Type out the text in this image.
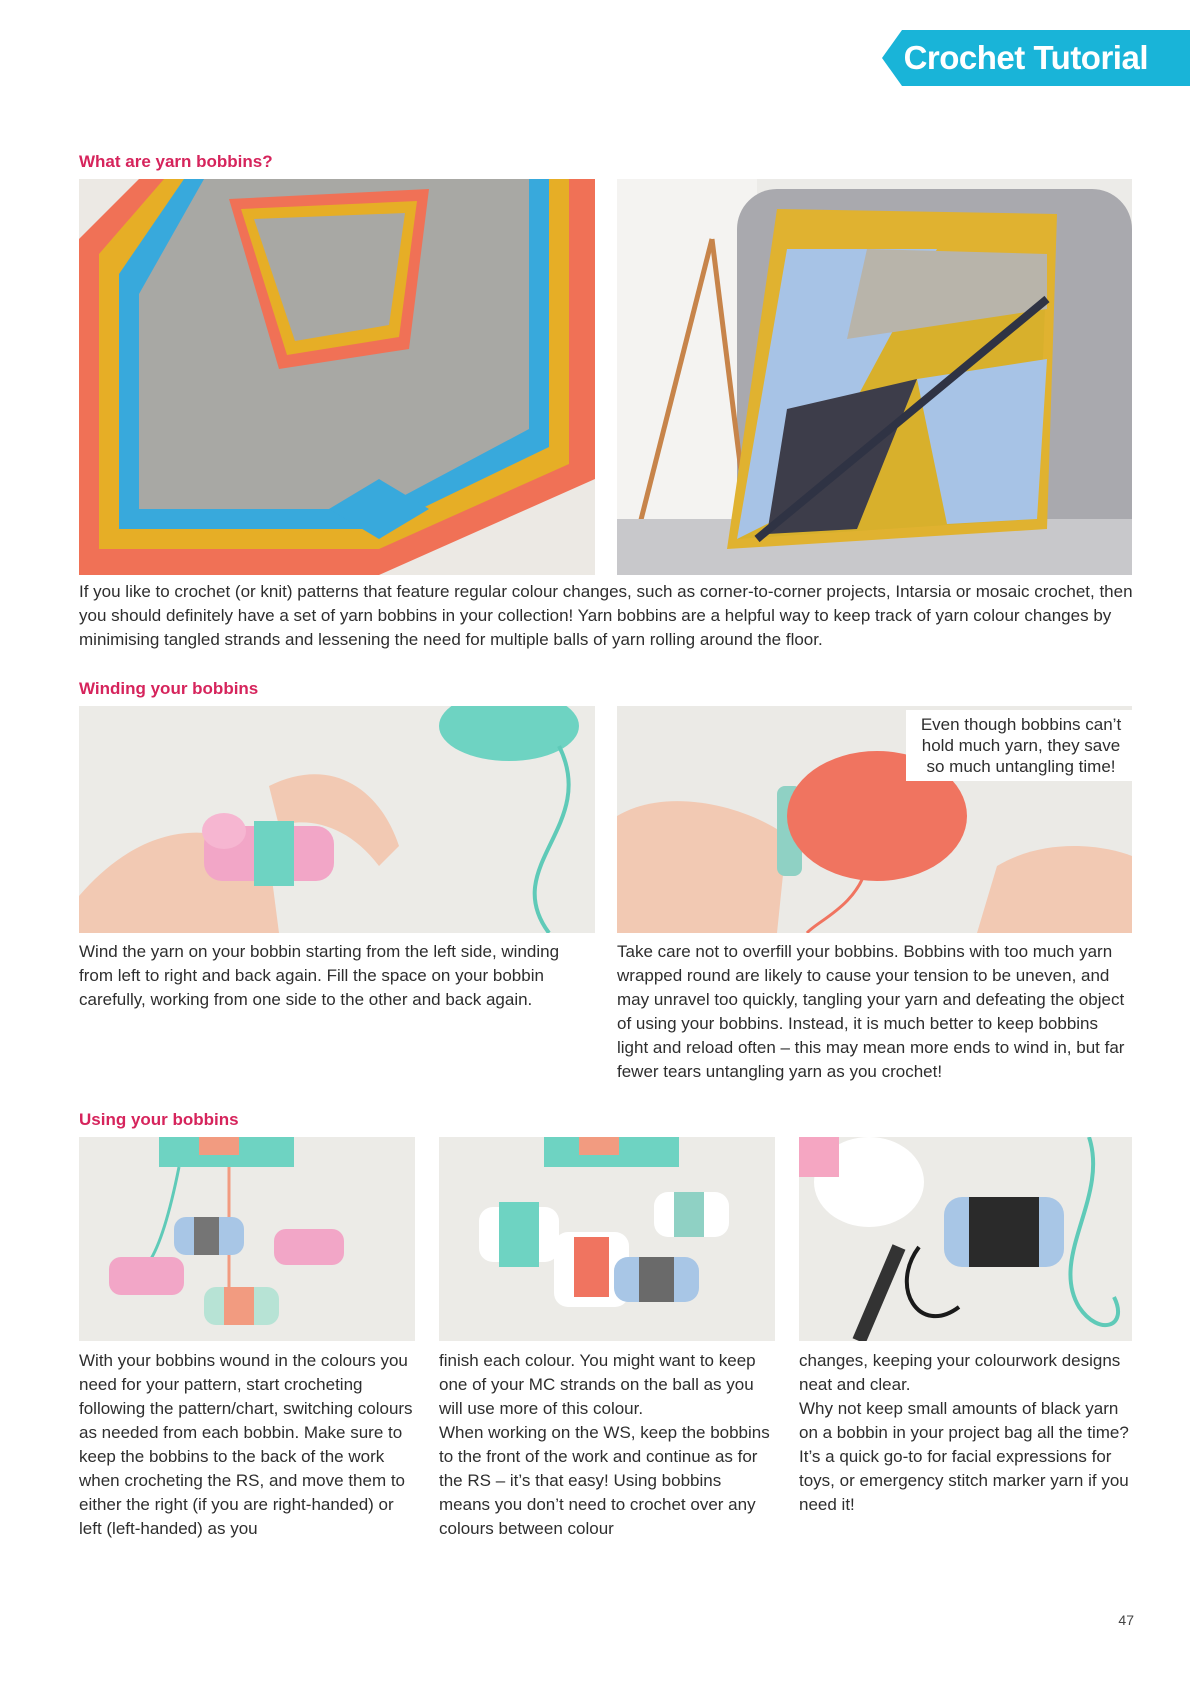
Crochet Tutorial
What are yarn bobbins?
If you like to crochet (or knit) patterns that feature regular colour changes, such as corner-to-corner projects, Intarsia or mosaic crochet, then you should definitely have a set of yarn bobbins in your collection! Yarn bobbins are a helpful way to keep track of yarn colour changes by minimising tangled strands and lessening the need for multiple balls of yarn rolling around the floor.
Winding your bobbins
Even though bobbins can’t hold much yarn, they save so much untangling time!
Wind the yarn on your bobbin starting from the left side, winding from left to right and back again. Fill the space on your bobbin carefully, working from one side to the other and back again.
Take care not to overfill your bobbins. Bobbins with too much yarn wrapped round are likely to cause your tension to be uneven, and may unravel too quickly, tangling your yarn and defeating the object of using your bobbins. Instead, it is much better to keep bobbins light and reload often – this may mean more ends to wind in, but far fewer tears untangling yarn as you crochet!
Using your bobbins
With your bobbins wound in the colours you need for your pattern, start crocheting following the pattern/chart, switching colours as needed from each bobbin. Make sure to keep the bobbins to the back of the work when crocheting the RS, and move them to either the right (if you are right-handed) or left (left-handed) as you
finish each colour. You might want to keep one of your MC strands on the ball as you will use more of this colour.
When working on the WS, keep the bobbins to the front of the work and continue as for the RS – it’s that easy! Using bobbins means you don’t need to crochet over any colours between colour
changes, keeping your colourwork designs neat and clear.
Why not keep small amounts of black yarn on a bobbin in your project bag all the time? It’s a quick go-to for facial expressions for toys, or emergency stitch marker yarn if you need it!
47
